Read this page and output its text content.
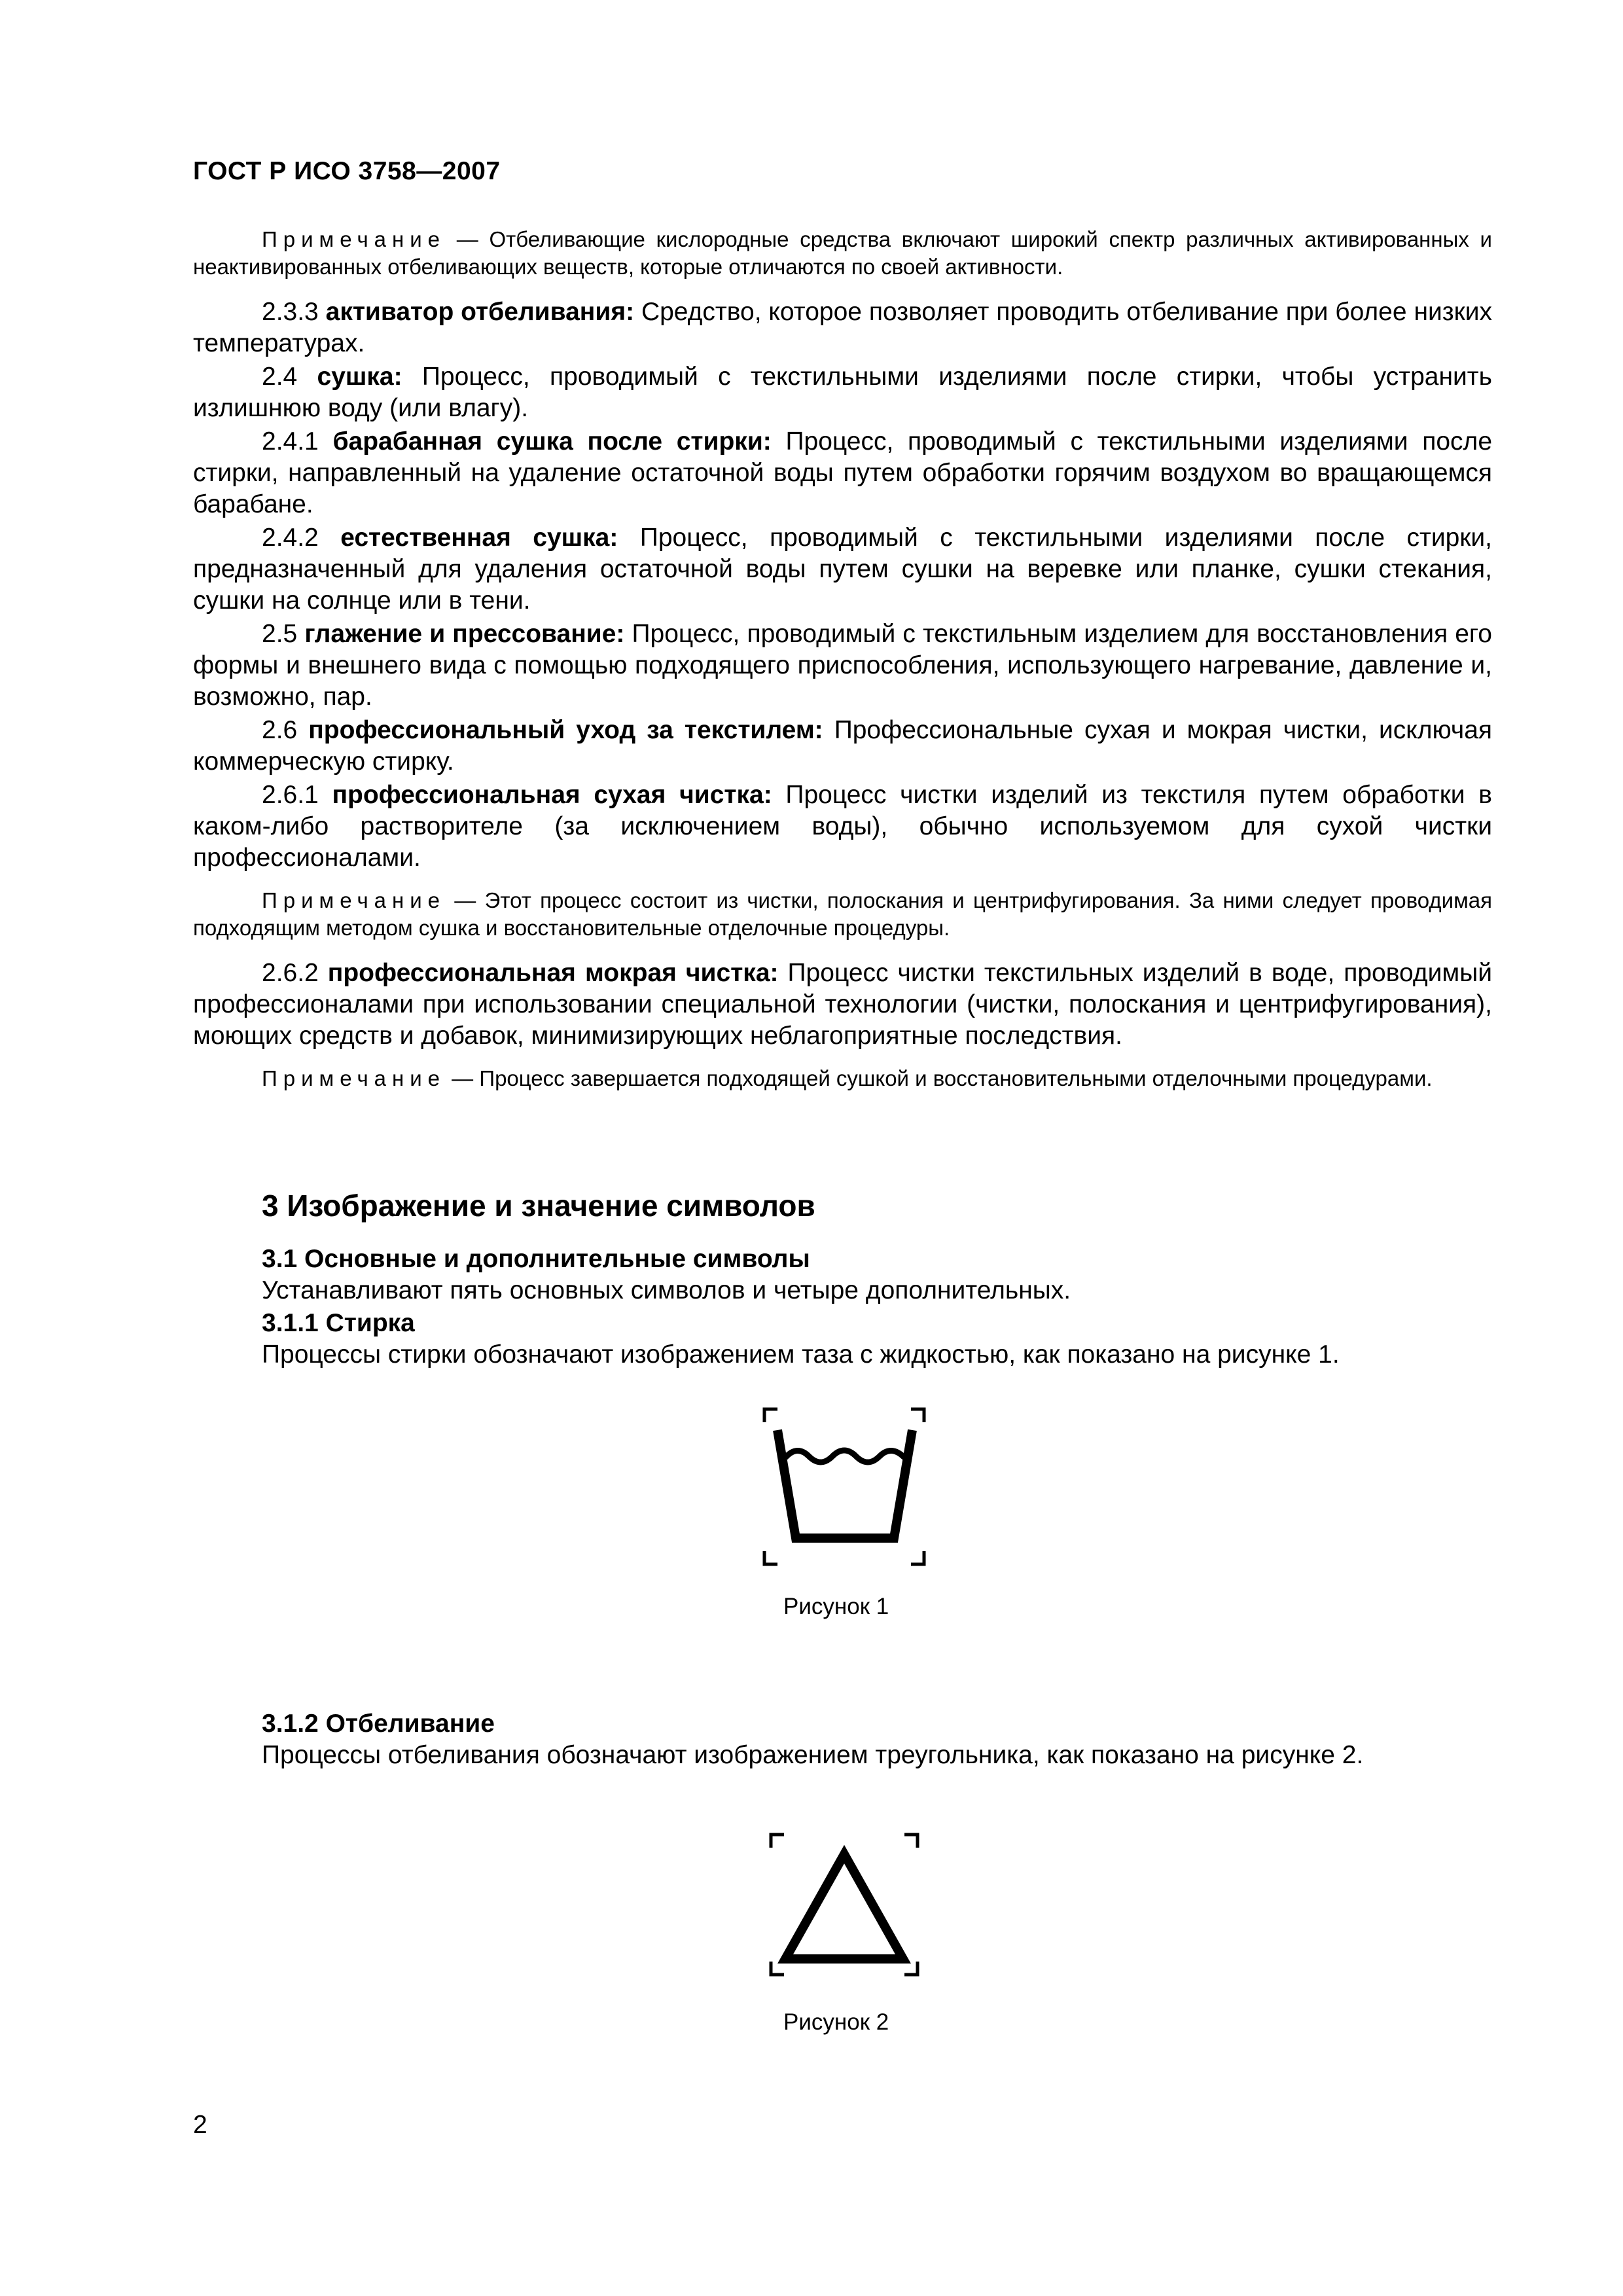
ГОСТ Р ИСО 3758—2007

Примечание — Отбеливающие кислородные средства включают широкий спектр различных активированных и неактивированных отбеливающих веществ, которые отличаются по своей активности.

2.3.3 активатор отбеливания: Средство, которое позволяет проводить отбеливание при более низких температурах.

2.4 сушка: Процесс, проводимый с текстильными изделиями после стирки, чтобы устранить излишнюю воду (или влагу).

2.4.1 барабанная сушка после стирки: Процесс, проводимый с текстильными изделиями после стирки, направленный на удаление остаточной воды путем обработки горячим воздухом во вращающемся барабане.

2.4.2 естественная сушка: Процесс, проводимый с текстильными изделиями после стирки, предназначенный для удаления остаточной воды путем сушки на веревке или планке, сушки стекания, сушки на солнце или в тени.

2.5 глажение и прессование: Процесс, проводимый с текстильным изделием для восстановления его формы и внешнего вида с помощью подходящего приспособления, использующего нагревание, давление и, возможно, пар.

2.6 профессиональный уход за текстилем: Профессиональные сухая и мокрая чистки, исключая коммерческую стирку.

2.6.1 профессиональная сухая чистка: Процесс чистки изделий из текстиля путем обработки в каком-либо растворителе (за исключением воды), обычно используемом для сухой чистки профессионалами.

Примечание — Этот процесс состоит из чистки, полоскания и центрифугирования. За ними следует проводимая подходящим методом сушка и восстановительные отделочные процедуры.

2.6.2 профессиональная мокрая чистка: Процесс чистки текстильных изделий в воде, проводимый профессионалами при использовании специальной технологии (чистки, полоскания и центрифугирования), моющих средств и добавок, минимизирующих неблагоприятные последствия.

Примечание — Процесс завершается подходящей сушкой и восстановительными отделочными процедурами.

3 Изображение и значение символов
3.1 Основные и дополнительные символы
Устанавливают пять основных символов и четыре дополнительных.
3.1.1 Стирка
Процессы стирки обозначают изображением таза с жидкостью, как показано на рисунке 1.
Рисунок 1
3.1.2 Отбеливание
Процессы отбеливания обозначают изображением треугольника, как показано на рисунке 2.
Рисунок 2
2
